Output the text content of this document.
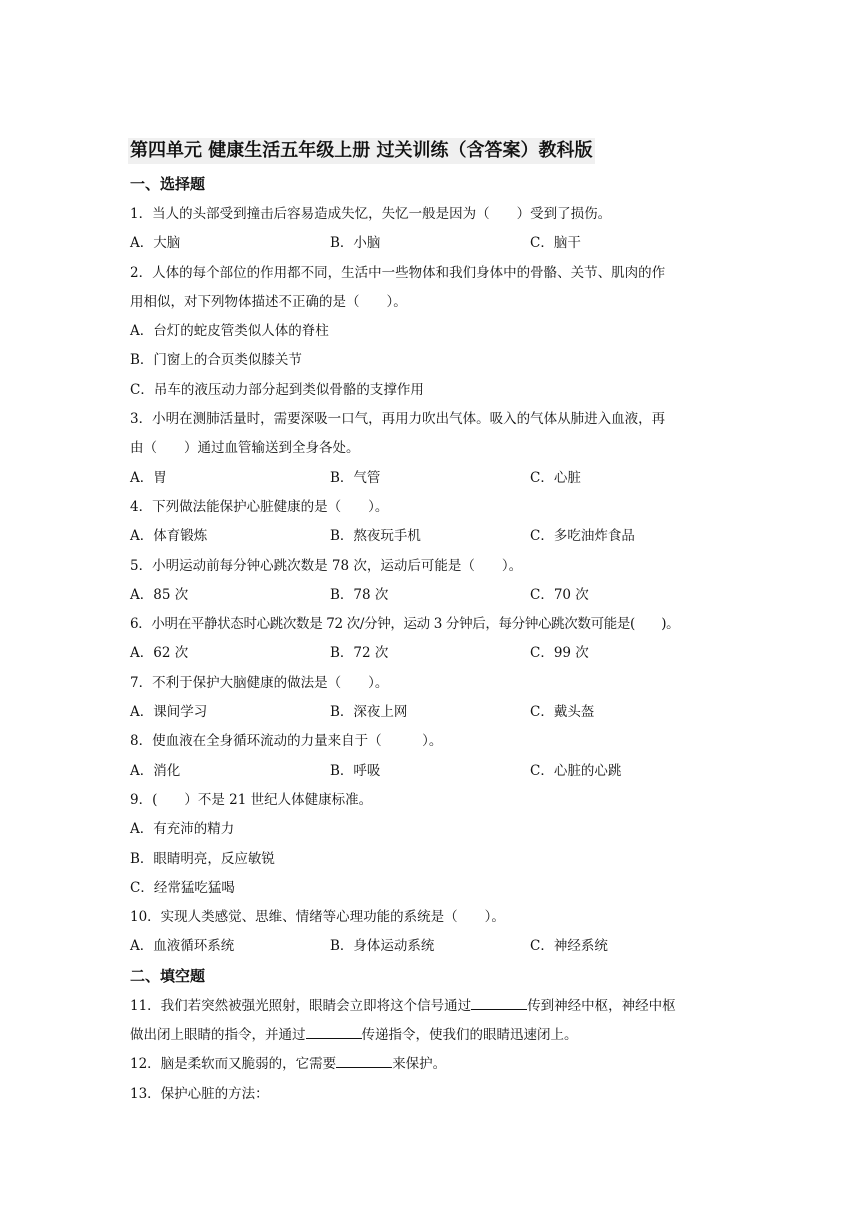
第四单元 健康生活五年级上册 过关训练（含答案）教科版
一、选择题
1．当人的头部受到撞击后容易造成失忆，失忆一般是因为（　　）受到了损伤。
A．大脑	B．小脑	C．脑干
2．人体的每个部位的作用都不同，生活中一些物体和我们身体中的骨骼、关节、肌肉的作
用相似，对下列物体描述不正确的是（　　）。
A．台灯的蛇皮管类似人体的脊柱
B．门窗上的合页类似膝关节
C．吊车的液压动力部分起到类似骨骼的支撑作用
3．小明在测肺活量时，需要深吸一口气，再用力吹出气体。吸入的气体从肺进入血液，再
由（　　）通过血管输送到全身各处。
A．胃	B．气管	C．心脏
4．下列做法能保护心脏健康的是（　　）。
A．体育锻炼	B．熬夜玩手机	C．多吃油炸食品
5．小明运动前每分钟心跳次数是 78 次，运动后可能是（　　）。
A．85 次	B．78 次	C．70 次
6．小明在平静状态时心跳次数是 72 次/分钟，运动 3 分钟后，每分钟心跳次数可能是(　　)。
A．62 次	B．72 次	C．99 次
7．不利于保护大脑健康的做法是（　　）。
A．课间学习	B．深夜上网	C．戴头盔
8．使血液在全身循环流动的力量来自于（　　　）。
A．消化	B．呼吸	C．心脏的心跳
9．(　　）不是 21 世纪人体健康标准。
A．有充沛的精力
B．眼睛明亮，反应敏锐
C．经常猛吃猛喝
10．实现人类感觉、思维、情绪等心理功能的系统是（　　）。
A．血液循环系统	B．身体运动系统	C．神经系统
二、填空题
11．我们若突然被强光照射，眼睛会立即将这个信号通过	传到神经中枢，神经中枢
做出闭上眼睛的指令，并通过	传递指令，使我们的眼睛迅速闭上。
12．脑是柔软而又脆弱的，它需要	来保护。
13．保护心脏的方法：
